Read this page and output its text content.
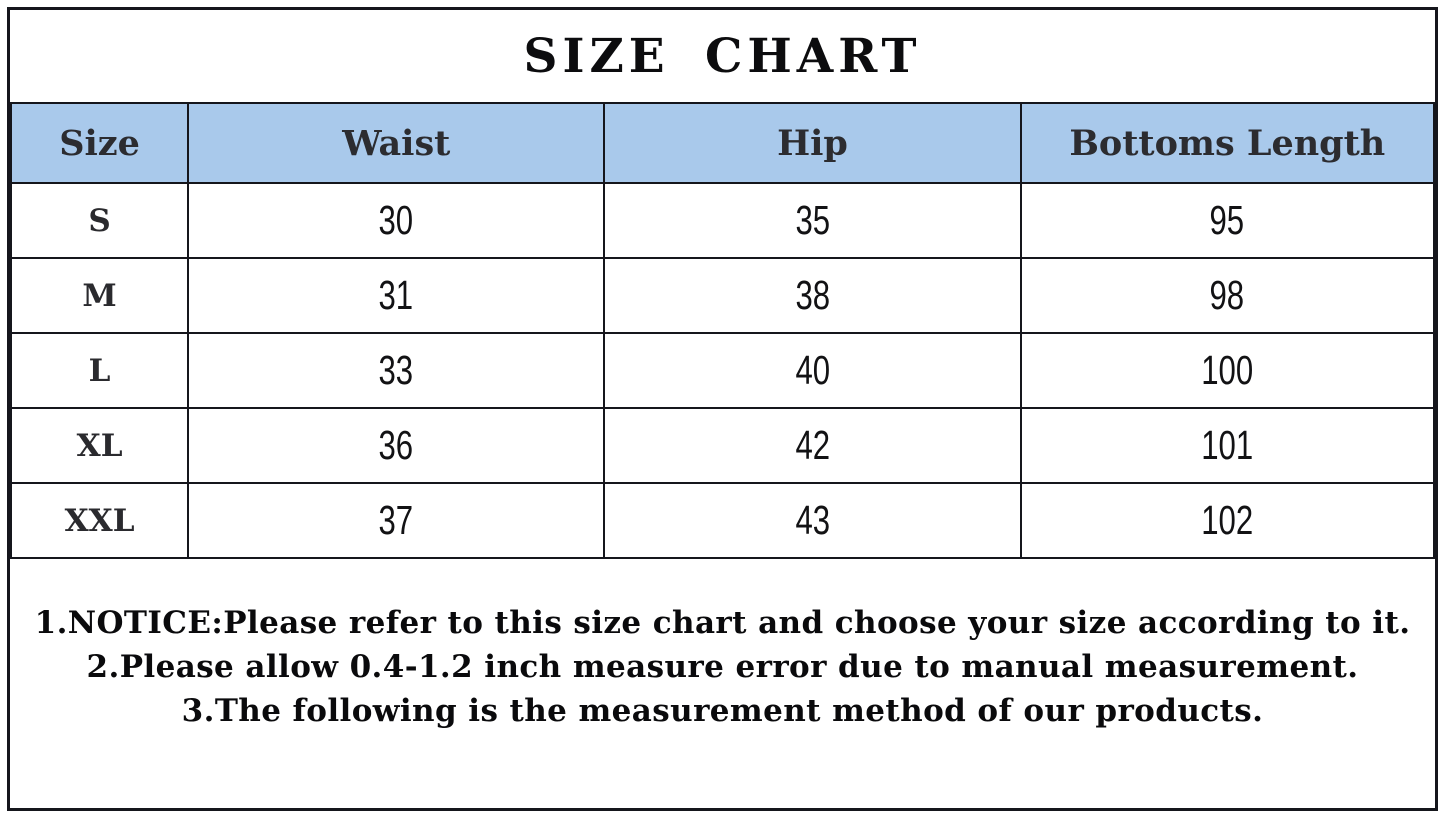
SIZE CHART
Size	Waist	Hip	Bottoms Length
S	30	35	95
M	31	38	98
L	33	40	100
XL	36	42	101
XXL	37	43	102
1.NOTICE:Please refer to this size chart and choose your size according to it.
2.Please allow 0.4-1.2 inch measure error due to manual measurement.
3.The following is the measurement method of our products.
